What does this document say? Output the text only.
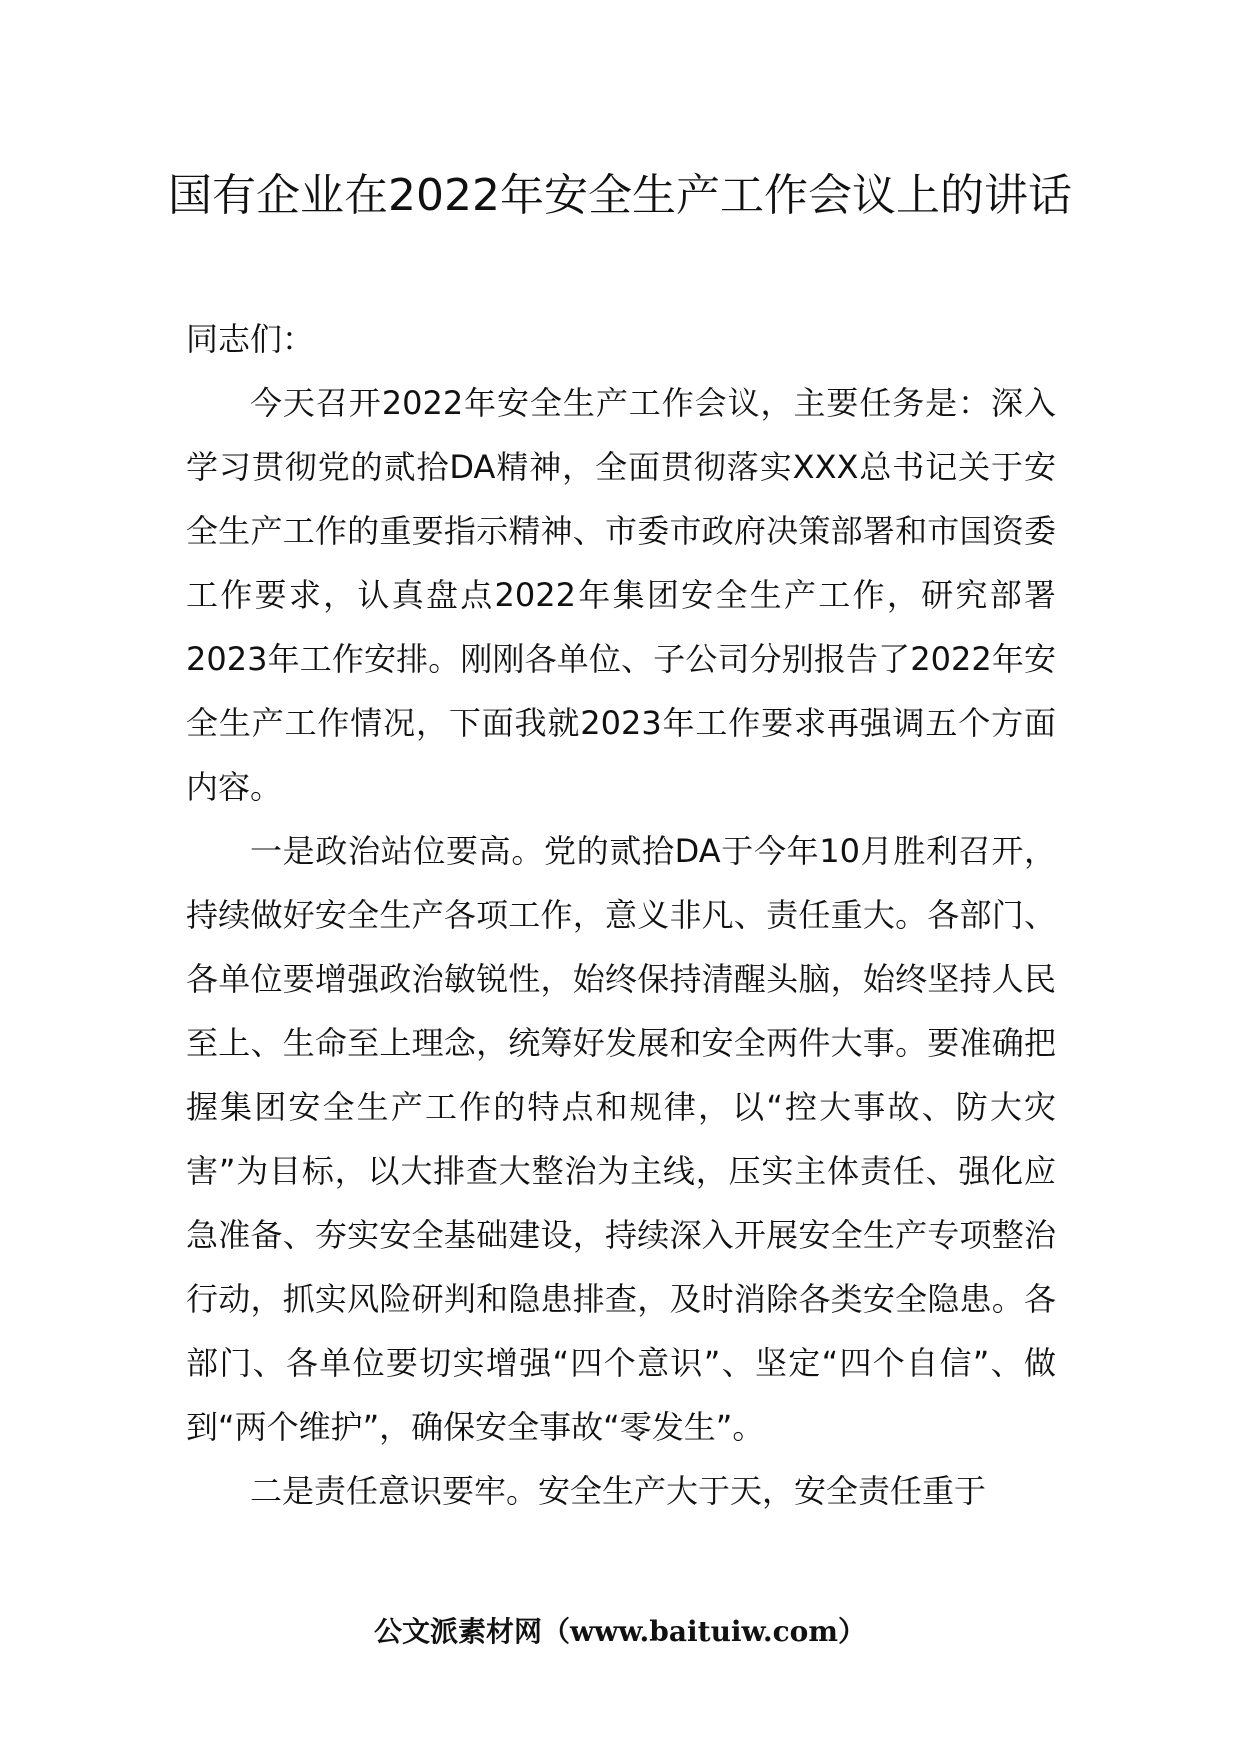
国有企业在2022年安全生产工作会议上的讲话

同志们：

今天召开2022年安全生产工作会议，主要任务是：深入学习贯彻党的贰拾DA精神，全面贯彻落实XXX总书记关于安全生产工作的重要指示精神、市委市政府决策部署和市国资委工作要求，认真盘点2022年集团安全生产工作，研究部署2023年工作安排。刚刚各单位、子公司分别报告了2022年安全生产工作情况，下面我就2023年工作要求再强调五个方面内容。

一是政治站位要高。党的贰拾DA于今年10月胜利召开，持续做好安全生产各项工作，意义非凡、责任重大。各部门、各单位要增强政治敏锐性，始终保持清醒头脑，始终坚持人民至上、生命至上理念，统筹好发展和安全两件大事。要准确把握集团安全生产工作的特点和规律，以“控大事故、防大灾害”为目标，以大排查大整治为主线，压实主体责任、强化应急准备、夯实安全基础建设，持续深入开展安全生产专项整治行动，抓实风险研判和隐患排查，及时消除各类安全隐患。各部门、各单位要切实增强“四个意识”、坚定“四个自信”、做到“两个维护”，确保安全事故“零发生”。

二是责任意识要牢。安全生产大于天，安全责任重于

公文派素材网（www.baituiw.com）
